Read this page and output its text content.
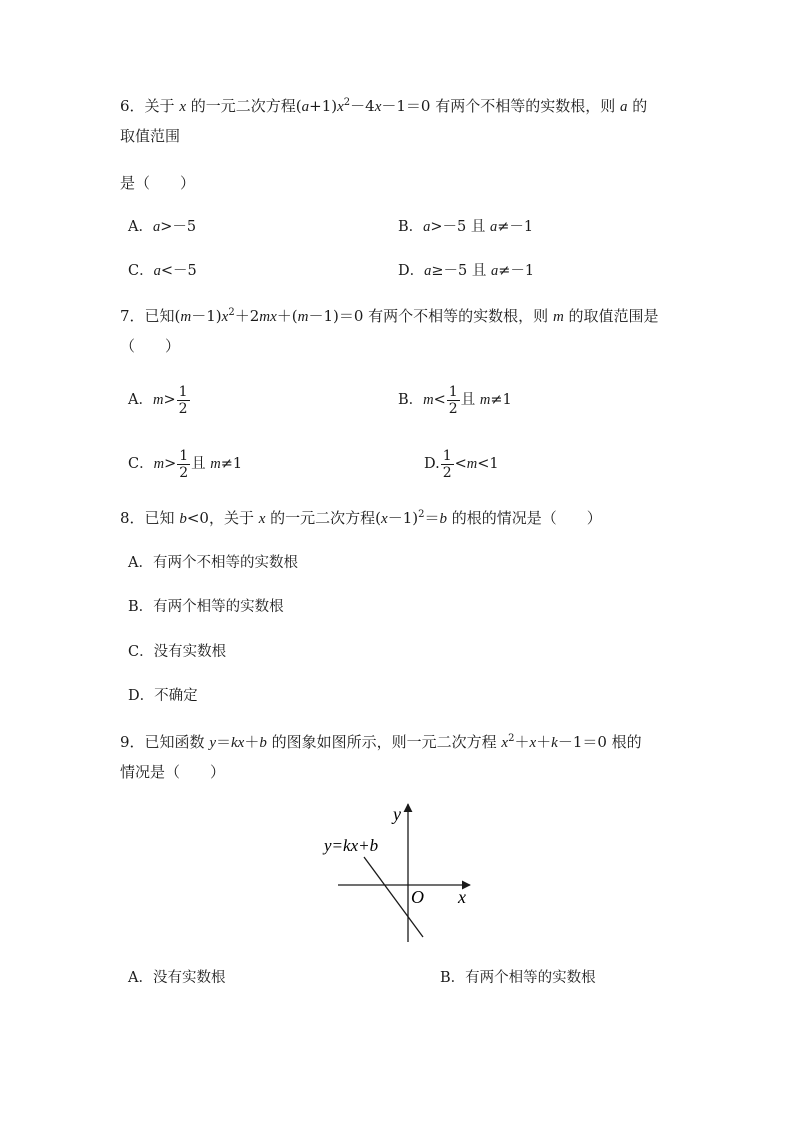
6．关于 x 的一元二次方程$(a+1)x^2-4x-1=0$ 有两个不相等的实数根，则 a 的
取值范围
是（　　）
A．a>－5	B．a>－5 且 a≠－1
C．a<－5	D．a≥－5 且 a≠－1
7．已知$(m-1)x^2+2mx+(m-1)=0$ 有两个不相等的实数根，则 m 的取值范围是
（　　）
A．$m> \frac{1}{2}$	B．$m< \frac{1}{2}$ 且 m≠1
C．$m> \frac{1}{2}$ 且 m≠1	D. $\frac{1}{2} <m<1$
8．已知 b<0，关于 x 的一元二次方程$(x-1)^2=b$ 的根的情况是（　　）
A．有两个不相等的实数根
B．有两个相等的实数根
C．没有实数根
D．不确定
9．已知函数 y＝kx＋b 的图象如图所示，则一元二次方程 $x^2+x+k-1=0$ 根的
情况是（　　）
y
x
O
y=kx+b
A．没有实数根	B．有两个相等的实数根
